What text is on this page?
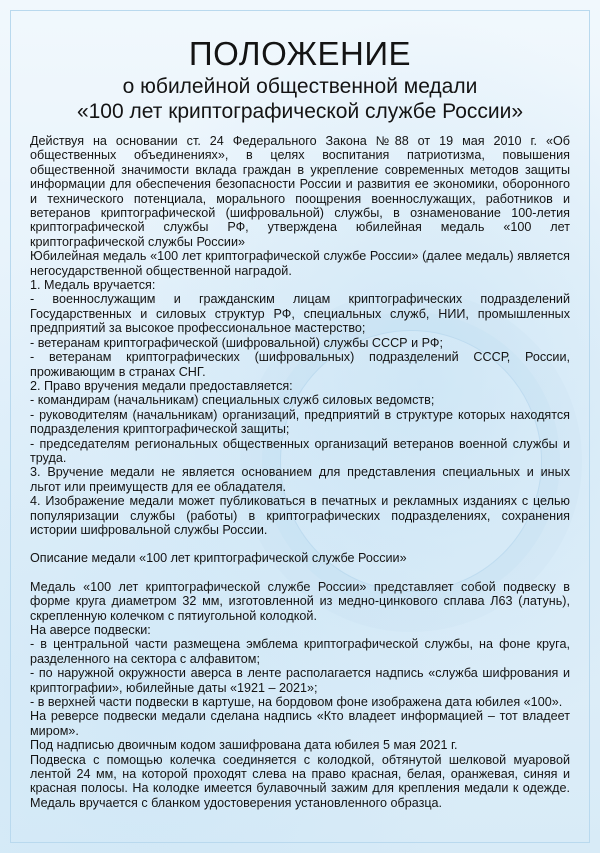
ПОЛОЖЕНИЕ
о юбилейной общественной медали
«100 лет криптографической службе России»

Действуя на основании ст. 24 Федерального Закона №88 от 19 мая 2010 г. «Об общественных объединениях», в целях воспитания патриотизма, повышения общественной значимости вклада граждан в укрепление современных методов защиты информации для обеспечения безопасности России и развития ее экономики, оборонного и технического потенциала, морального поощрения военнослужащих, работников и ветеранов криптографической (шифровальной) службы, в ознаменование 100-летия криптографической службы РФ, утверждена юбилейная медаль «100 лет криптографической службы России»

Юбилейная медаль «100 лет криптографической службе России» (далее медаль) является негосударственной общественной наградой.

1. Медаль вручается:

- военнослужащим и гражданским лицам криптографических подразделений Государственных и силовых структур РФ, специальных служб, НИИ, промышленных предприятий за высокое профессиональное мастерство;

- ветеранам криптографической (шифровальной) службы СССР и РФ;

- ветеранам криптографических (шифровальных) подразделений СССР, России, проживающим в странах СНГ.

2. Право вручения медали предоставляется:

- командирам (начальникам) специальных служб силовых ведомств;

- руководителям (начальникам) организаций, предприятий в структуре которых находятся подразделения криптографической защиты;

- председателям региональных общественных организаций ветеранов военной службы и труда.

3. Вручение медали не является основанием для представления специальных и иных льгот или преимуществ для ее обладателя.

4. Изображение медали может публиковаться в печатных и рекламных изданиях с целью популяризации службы (работы) в криптографических подразделениях, сохранения истории шифровальной службы России.

Описание медали «100 лет криптографической службе России»

Медаль «100 лет криптографической службе России» представляет собой подвеску в форме круга диаметром 32 мм, изготовленной из медно-цинкового сплава Л63 (латунь), скрепленную колечком с пятиугольной колодкой.

На аверсе подвески:

- в центральной части размещена эмблема криптографической службы, на фоне круга, разделенного на сектора с алфавитом;

- по наружной окружности аверса в ленте располагается надпись «служба шифрования и криптографии», юбилейные даты «1921 – 2021»;

- в верхней части подвески в картуше, на бордовом фоне изображена дата юбилея «100».

На реверсе подвески медали сделана надпись «Кто владеет информацией – тот владеет миром».

Под надписью двоичным кодом зашифрована дата юбилея 5 мая 2021 г.

Подвеска с помощью колечка соединяется с колодкой, обтянутой шелковой муаровой лентой 24 мм, на которой проходят слева на право красная, белая, оранжевая, синяя и красная полосы. На колодке имеется булавочный зажим для крепления медали к одежде. Медаль вручается с бланком удостоверения установленного образца.
